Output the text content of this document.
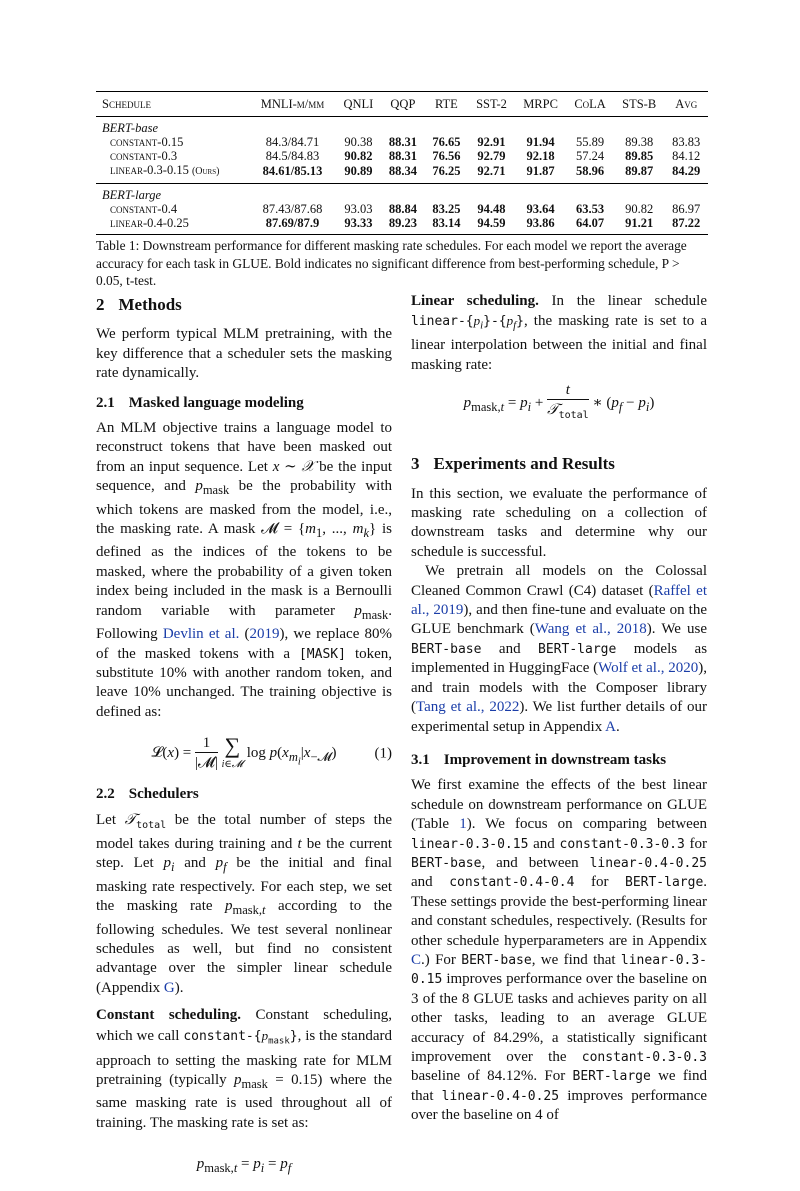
Schedule	MNLI-m/mm	QNLI	QQP	RTE	SST-2	MRPC	CoLA	STS-B	Avg
BERT-base									
constant-0.15	84.3/84.71	90.38	88.31	76.65	92.91	91.94	55.89	89.38	83.83
constant-0.3	84.5/84.83	90.82	88.31	76.56	92.79	92.18	57.24	89.85	84.12
linear-0.3-0.15 (Ours)	84.61/85.13	90.89	88.34	76.25	92.71	91.87	58.96	89.87	84.29

BERT-large									
constant-0.4	87.43/87.68	93.03	88.84	83.25	94.48	93.64	63.53	90.82	86.97
linear-0.4-0.25	87.69/87.9	93.33	89.23	83.14	94.59	93.86	64.07	91.21	87.22

Table 1: Downstream performance for different masking rate schedules. For each model we report the average accuracy for each task in GLUE. Bold indicates no significant difference from best-performing schedule, P > 0.05, t-test.
2 Methods

We perform typical MLM pretraining, with the key difference that a scheduler sets the masking rate dynamically.

2.1 Masked language modeling

An MLM objective trains a language model to reconstruct tokens that have been masked out from an input sequence. Let x ∼ 𝒳 be the input sequence, and $p_{mask}$ be the probability with which tokens are masked from the model, i.e., the masking rate. A mask 𝓜 = {$m_1$, ..., $m_k$} is defined as the indices of the tokens to be masked, where the probability of a given token index being included in the mask is a Bernoulli random variable with parameter $p_{mask}$. Following Devlin et al. (2019), we replace 80% of the masked tokens with a [MASK] token, substitute 10% with another random token, and leave 10% unchanged. The training objective is defined as:

𝓛(x) = $\frac{1}{\text{|𝓜|}}$
∑
i∈𝓜
$\log p(x_{m_i}|x_{-𝓜})$	(1)
2.2 Schedulers

Let 𝒯$_{total}$ be the total number of steps the model takes during training and t be the current step. Let $p_i$ and $p_f$ be the initial and final masking rate respectively. For each step, we set the masking rate $p_{mask,t}$ according to the following schedules. We test several nonlinear schedules as well, but find no consistent advantage over the simpler linear schedule (Appendix G).

Constant scheduling. Constant scheduling, which we call constant-$\{p_{mask}\}$, is the standard approach to setting the masking rate for MLM pretraining (typically $p_{mask} = 0.15$) where the same masking rate is used throughout all of training. The masking rate is set as:

$p_{mask,t} = p_i = p_f$

Linear scheduling. In the linear schedule linear-$\{p_i\}-\{p_f\}$, the masking rate is set to a linear interpolation between the initial and final masking rate:

$p_{mask,t} = p_i + \frac{t}{𝒯_{total}}$ ∗ $(p_f - p_i)$
3 Experiments and Results

In this section, we evaluate the performance of masking rate scheduling on a collection of downstream tasks and determine why our schedule is successful.

We pretrain all models on the Colossal Cleaned Common Crawl (C4) dataset (Raffel et al., 2019), and then fine-tune and evaluate on the GLUE benchmark (Wang et al., 2018). We use BERT-base and BERT-large models as implemented in HuggingFace (Wolf et al., 2020), and train models with the Composer library (Tang et al., 2022). We list further details of our experimental setup in Appendix A.

3.1 Improvement in downstream tasks

We first examine the effects of the best linear schedule on downstream performance on GLUE (Table 1). We focus on comparing between linear-0.3-0.15 and constant-0.3-0.3 for BERT-base, and between linear-0.4-0.25 and constant-0.4-0.4 for BERT-large. These settings provide the best-performing linear and constant schedules, respectively. (Results for other schedule hyperparameters are in Appendix C.) For BERT-base, we find that linear-0.3-0.15 improves performance over the baseline on 3 of the 8 GLUE tasks and achieves parity on all other tasks, leading to an average GLUE accuracy of 84.29%, a statistically significant improvement over the constant-0.3-0.3 baseline of 84.12%. For BERT-large we find that linear-0.4-0.25 improves performance over the baseline on 4 of
